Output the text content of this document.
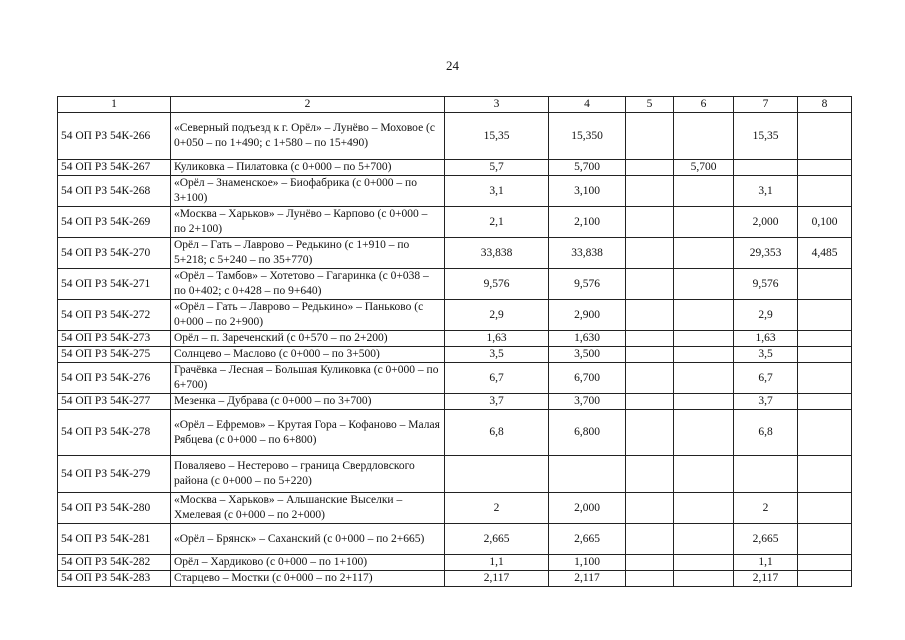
24
1	2	3	4	5	6	7	8
54 ОП РЗ 54К-266	«Северный подъезд к г. Орёл» – Лунёво – Моховое (с 0+050 – по 1+490; с 1+580 – по 15+490)	15,35	15,350			15,35	
54 ОП РЗ 54К-267	Куликовка – Пилатовка (с 0+000 – по 5+700)	5,7	5,700		5,700		
54 ОП РЗ 54К-268	«Орёл – Знаменское» – Биофабрика (с 0+000 – по 3+100)	3,1	3,100			3,1	
54 ОП РЗ 54К-269	«Москва – Харьков» – Лунёво – Карпово (с 0+000 – по 2+100)	2,1	2,100			2,000	0,100
54 ОП РЗ 54К-270	Орёл – Гать – Лаврово – Редькино (с 1+910 – по 5+218; с 5+240 – по 35+770)	33,838	33,838			29,353	4,485
54 ОП РЗ 54К-271	«Орёл – Тамбов» – Хотетово – Гагаринка (с 0+038 – по 0+402; с 0+428 – по 9+640)	9,576	9,576			9,576	
54 ОП РЗ 54К-272	«Орёл – Гать – Лаврово – Редькино» – Паньково (с 0+000 – по 2+900)	2,9	2,900			2,9	
54 ОП РЗ 54К-273	Орёл – п. Зареченский (с 0+570 – по 2+200)	1,63	1,630			1,63	
54 ОП РЗ 54К-275	Солнцево – Маслово (с 0+000 – по 3+500)	3,5	3,500			3,5	
54 ОП РЗ 54К-276	Грачёвка – Лесная – Большая Куликовка (с 0+000 – по 6+700)	6,7	6,700			6,7	
54 ОП РЗ 54К-277	Мезенка – Дубрава (с 0+000 – по 3+700)	3,7	3,700			3,7	
54 ОП РЗ 54К-278	«Орёл – Ефремов» – Крутая Гора – Кофаново – Малая Рябцева (с 0+000 – по 6+800)	6,8	6,800			6,8	
54 ОП РЗ 54К-279	Поваляево – Нестерово – граница Свердловского района (с 0+000 – по 5+220)						
54 ОП РЗ 54К-280	«Москва – Харьков» – Альшанские Выселки – Хмелевая (с 0+000 – по 2+000)	2	2,000			2	
54 ОП РЗ 54К-281	«Орёл – Брянск» – Саханский (с 0+000 – по 2+665)	2,665	2,665			2,665	
54 ОП РЗ 54К-282	Орёл – Хардиково (с 0+000 – по 1+100)	1,1	1,100			1,1	
54 ОП РЗ 54К-283	Старцево – Мостки (с 0+000 – по 2+117)	2,117	2,117			2,117	
